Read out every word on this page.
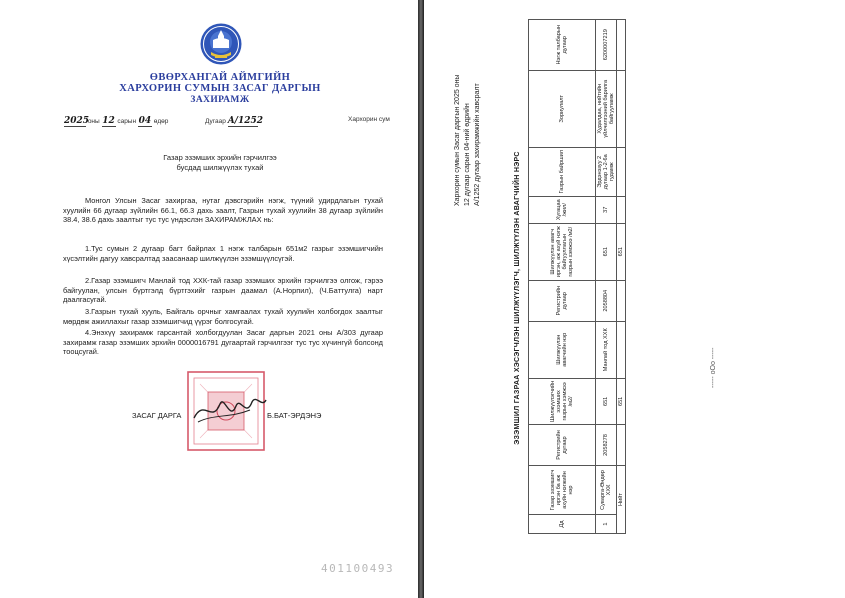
ӨВӨРХАНГАЙ АЙМГИЙН
ХАРХОРИН СУМЫН ЗАСАГ ДАРГЫН
ЗАХИРАМЖ
2025 оны 12 сарын 04 өдөр	Дугаар A/1252	Хархорин сум
Газар эзэмших эрхийн гэрчилгээ
бусдад шилжүүлэх тухай
Монгол Улсын Засаг захиргаа, нутаг дэвсгэрийн нэгж, түүний удирдлагын тухай хуулийн 66 дугаар зүйлийн 66.1, 66.3 дахь заалт, Газрын тухай хуулийн 38 дугаар зүйлийн 38.4, 38.6 дахь заалтыг тус тус үндэслэн ЗАХИРАМЖЛАХ нь:
1.Тус сумын 2 дугаар багт байрлах 1 нэгж талбарын 651м2 газрыг эзэмшигчийн хүсэлтийн дагуу хавсралтад заасанаар шилжүүлэн эзэмшүүлсүгэй.
2.Газар эзэмшигч Манлай тод ХХК-тай газар эзэмших эрхийн гэрчилгээ олгож, гэрээ байгуулан, улсын бүртгэлд бүртгэхийг газрын даамал (А.Норпил), (Ч.Баттулга) нарт даалгасугай.
3.Газрын тухай хууль, Байгаль орчныг хамгаалах тухай хуулийн холбогдох заалтыг мөрдөж ажиллахыг газар эзэмшигчид үүрэг болгосугай.
4.Энэхүү захирамж гарсантай холбогдуулан Засаг даргын 2021 оны А/303 дугаар захирамж газар эзэмших эрхийн 0000016791 дугаартай гэрчилгээг тус тус хүчингүй болсонд тооцсугай.
ЗАСАГ ДАРГА	Б.БАТ-ЭРДЭНЭ
401100493
Хархорин сумын Засаг даргын 2025 оны 12 дугаар сарын 04-ний өдрийн А/1252 дугаар захирамжийн хавсралт
ЭЗЭМШИЛ ГАЗРАА ХЭСЭГЧЛЭН ШИЛЖҮҮЛЭГЧ, ШИЛЖҮҮЛЭН АВАГЧИЙН НЭРС
Дд	Газар эзэмшигч иргэн ба аж ахуйн нэгжийн нэр	Регистрийн дугаар	Шилжүүлэгчийн эзэмших газрын хэмжээ /м2/	Шилжүүлэн авагчийн нэр	Регистрийн дугаар	Шилжүүлэн авагч иргэн, аж ахуй нэгж байгууллагын газрын хэмжээ /м2/	Хугацаа /жил/	Газрын байршил	Зориулалт	Нэгж талбарын дугаар
1	Суварга-Өндөр ХХК	2058278	651	Манлай тод ХХК	2058804	651	37	Эрдэнэзуу 2 дугаар 1-2-6а гудамж	Худалдаа, нийтийн үйлчилгээний барилга байгууламж	6200007219
Нийт			651			651				
----- oOo -----
